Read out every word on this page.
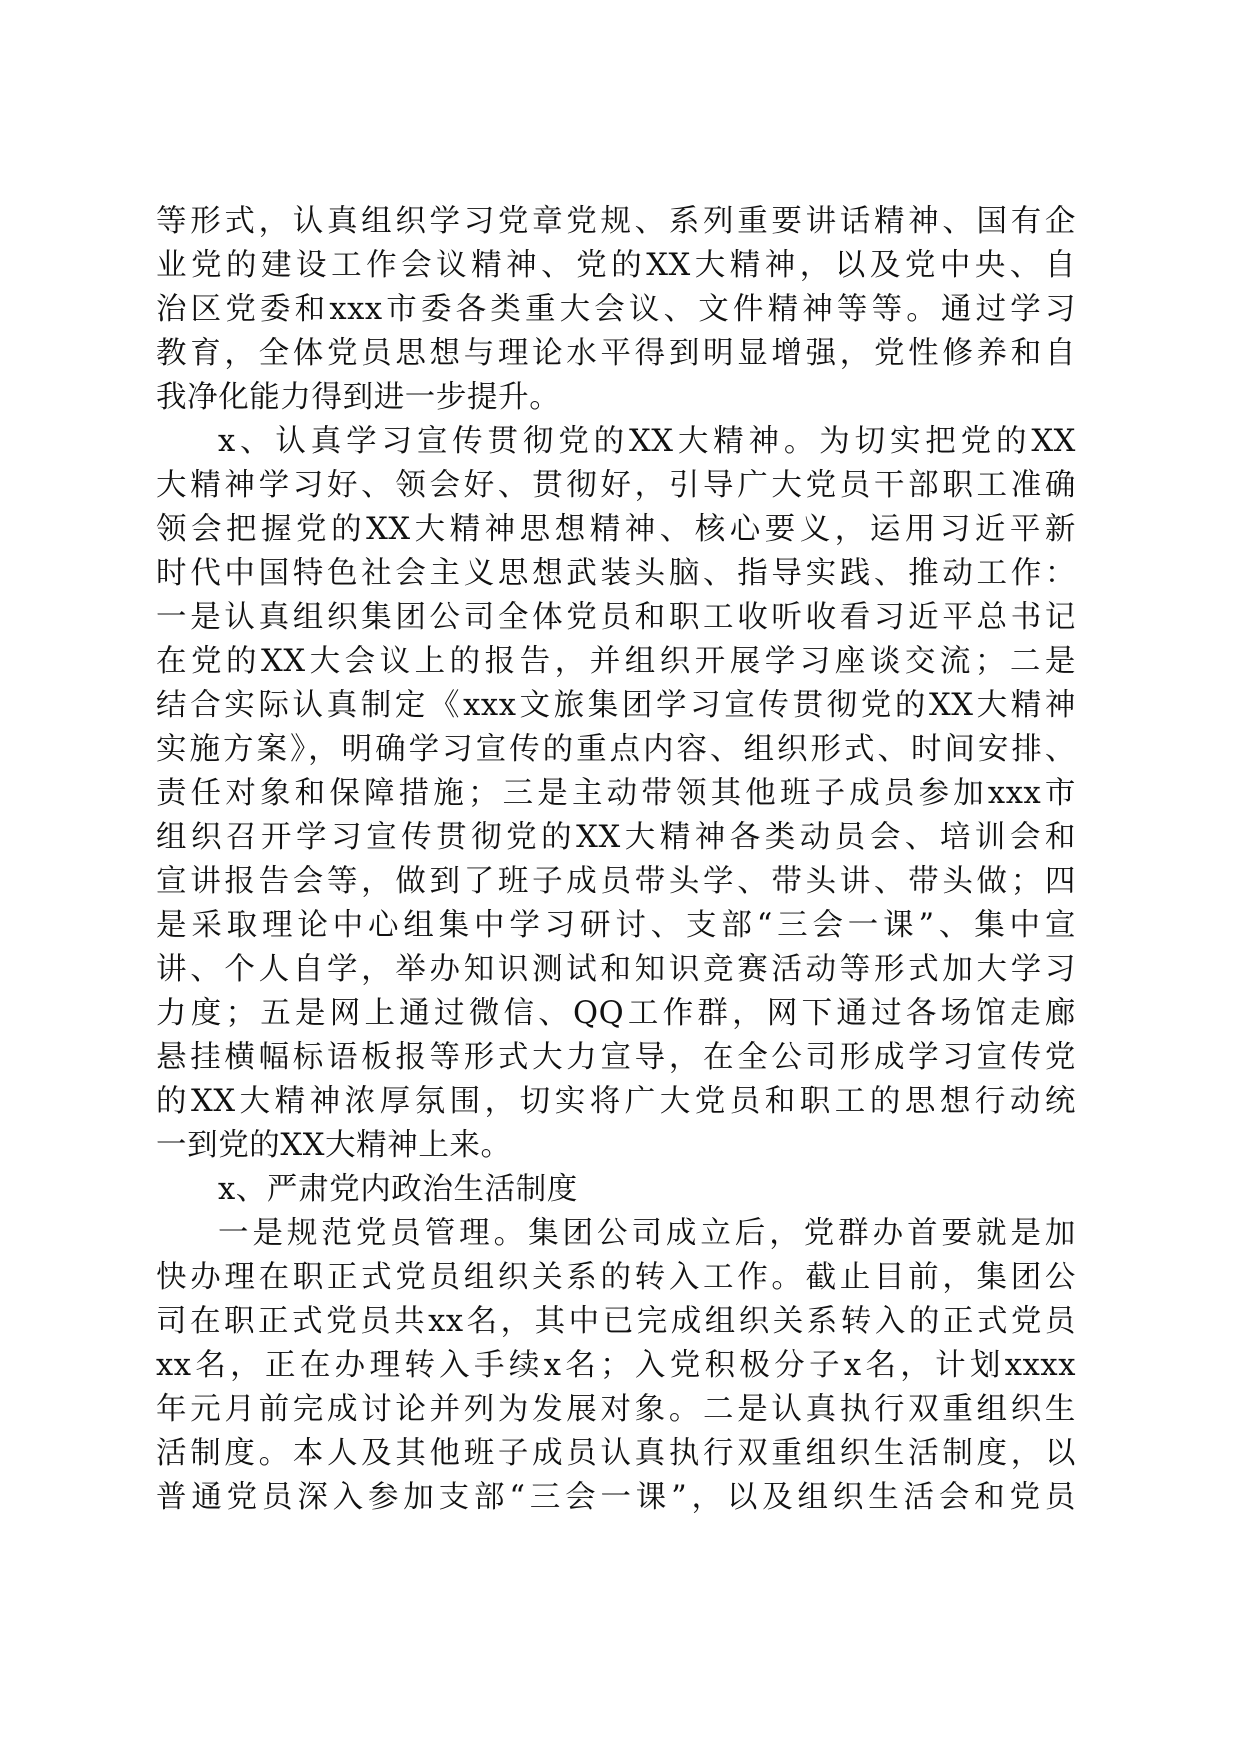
等形式，认真组织学习党章党规、系列重要讲话精神、国有企
业党的建设工作会议精神、党的XX大精神，以及党中央、自
治区党委和xxx市委各类重大会议、文件精神等等。通过学习
教育，全体党员思想与理论水平得到明显增强，党性修养和自
我净化能力得到进一步提升。
x、认真学习宣传贯彻党的XX大精神。为切实把党的XX
大精神学习好、领会好、贯彻好，引导广大党员干部职工准确
领会把握党的XX大精神思想精神、核心要义，运用习近平新
时代中国特色社会主义思想武装头脑、指导实践、推动工作：
一是认真组织集团公司全体党员和职工收听收看习近平总书记
在党的XX大会议上的报告，并组织开展学习座谈交流；二是
结合实际认真制定《xxx文旅集团学习宣传贯彻党的XX大精神
实施方案》，明确学习宣传的重点内容、组织形式、时间安排、
责任对象和保障措施；三是主动带领其他班子成员参加xxx市
组织召开学习宣传贯彻党的XX大精神各类动员会、培训会和
宣讲报告会等，做到了班子成员带头学、带头讲、带头做；四
是采取理论中心组集中学习研讨、支部“三会一课”、集中宣
讲、个人自学，举办知识测试和知识竞赛活动等形式加大学习
力度；五是网上通过微信、QQ工作群，网下通过各场馆走廊
悬挂横幅标语板报等形式大力宣导，在全公司形成学习宣传党
的XX大精神浓厚氛围，切实将广大党员和职工的思想行动统
一到党的XX大精神上来。
x、严肃党内政治生活制度
一是规范党员管理。集团公司成立后，党群办首要就是加
快办理在职正式党员组织关系的转入工作。截止目前，集团公
司在职正式党员共xx名，其中已完成组织关系转入的正式党员
xx名，正在办理转入手续x名；入党积极分子x名，计划xxxx
年元月前完成讨论并列为发展对象。二是认真执行双重组织生
活制度。本人及其他班子成员认真执行双重组织生活制度，以
普通党员深入参加支部“三会一课”，以及组织生活会和党员
